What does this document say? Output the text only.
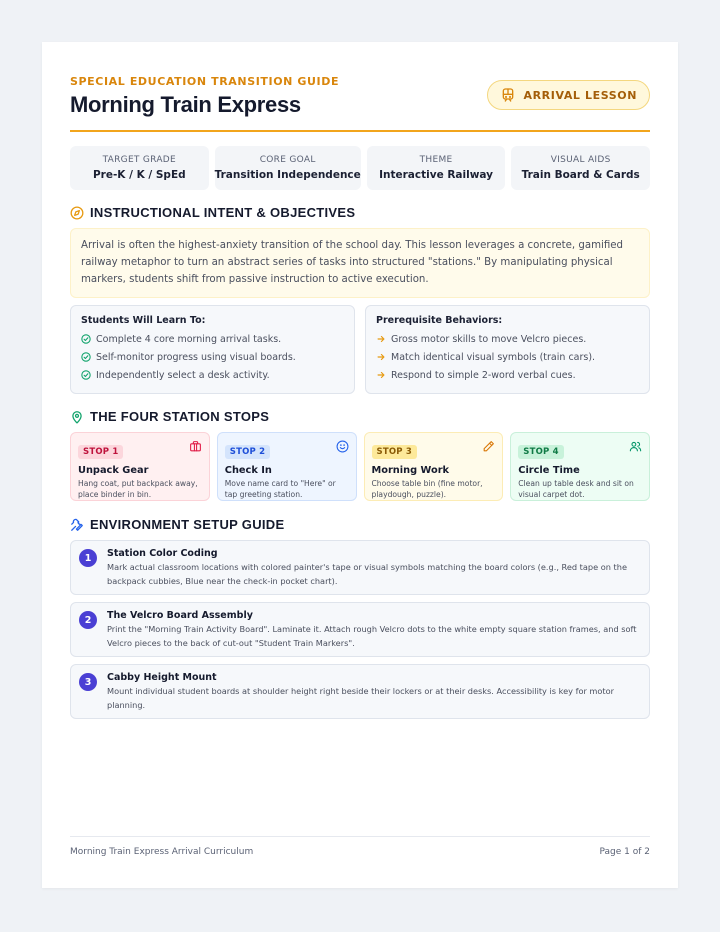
SPECIAL EDUCATION TRANSITION GUIDE
Morning Train Express	ARRIVAL LESSON
TARGET GRADE
Pre-K / K / SpEd
CORE GOAL
Transition Independence
THEME
Interactive Railway
VISUAL AIDS
Train Board & Cards
INSTRUCTIONAL INTENT & OBJECTIVES
Arrival is often the highest-anxiety transition of the school day. This lesson leverages a concrete, gamified railway metaphor to turn an abstract series of tasks into structured "stations." By manipulating physical markers, students shift from passive instruction to active execution.
Students Will Learn To:
Complete 4 core morning arrival tasks.
Self-monitor progress using visual boards.
Independently select a desk activity.
Prerequisite Behaviors:
Gross motor skills to move Velcro pieces.
Match identical visual symbols (train cars).
Respond to simple 2-word verbal cues.
THE FOUR STATION STOPS
STOP 1
Unpack Gear
Hang coat, put backpack away, place binder in bin.
STOP 2
Check In
Move name card to "Here" or tap greeting station.
STOP 3
Morning Work
Choose table bin (fine motor, playdough, puzzle).
STOP 4
Circle Time
Clean up table desk and sit on visual carpet dot.
ENVIRONMENT SETUP GUIDE
1	Station Color Coding
Mark actual classroom locations with colored painter's tape or visual symbols matching the board colors (e.g., Red tape on the backpack cubbies, Blue near the check-in pocket chart).
2	The Velcro Board Assembly
Print the "Morning Train Activity Board". Laminate it. Attach rough Velcro dots to the white empty square station frames, and soft Velcro pieces to the back of cut-out "Student Train Markers".
3	Cabby Height Mount
Mount individual student boards at shoulder height right beside their lockers or at their desks. Accessibility is key for motor planning.
Morning Train Express Arrival Curriculum	Page 1 of 2
